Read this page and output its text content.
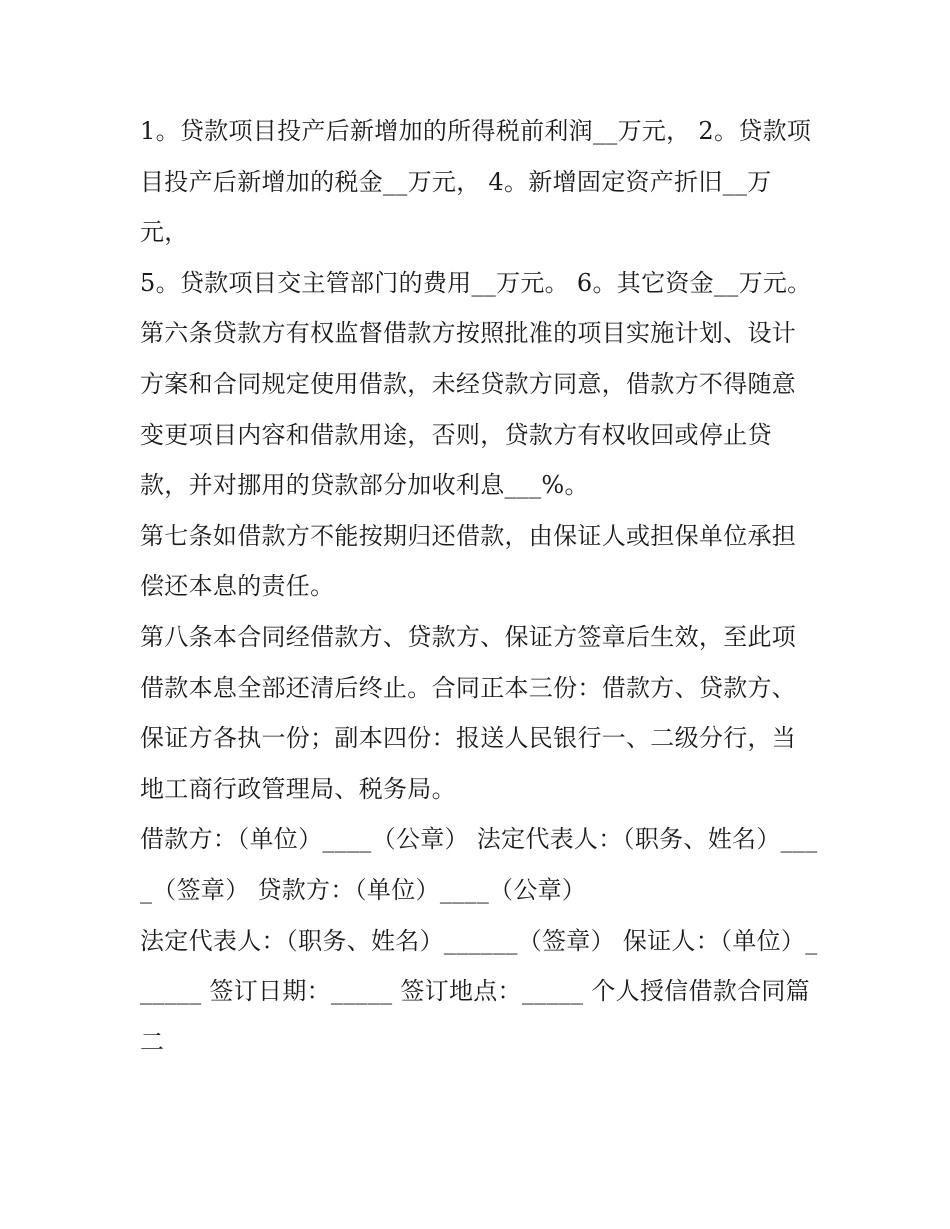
1。贷款项目投产后新增加的所得税前利润__万元， 2。贷款项目投产后新增加的税金__万元， 4。新增固定资产折旧__万元，

5。贷款项目交主管部门的费用__万元。 6。其它资金__万元。

第六条贷款方有权监督借款方按照批准的项目实施计划、设计方案和合同规定使用借款，未经贷款方同意，借款方不得随意变更项目内容和借款用途，否则，贷款方有权收回或停止贷款，并对挪用的贷款部分加收利息___%。

第七条如借款方不能按期归还借款，由保证人或担保单位承担偿还本息的责任。

第八条本合同经借款方、贷款方、保证方签章后生效，至此项借款本息全部还清后终止。合同正本三份：借款方、贷款方、保证方各执一份；副本四份：报送人民银行一、二级分行，当地工商行政管理局、税务局。

借款方：（单位）____（公章） 法定代表人：（职务、姓名）____（签章） 贷款方：（单位）____（公章）

法定代表人：（职务、姓名）______（签章） 保证人：（单位）______ 签订日期：_____ 签订地点：_____ 个人授信借款合同篇二
